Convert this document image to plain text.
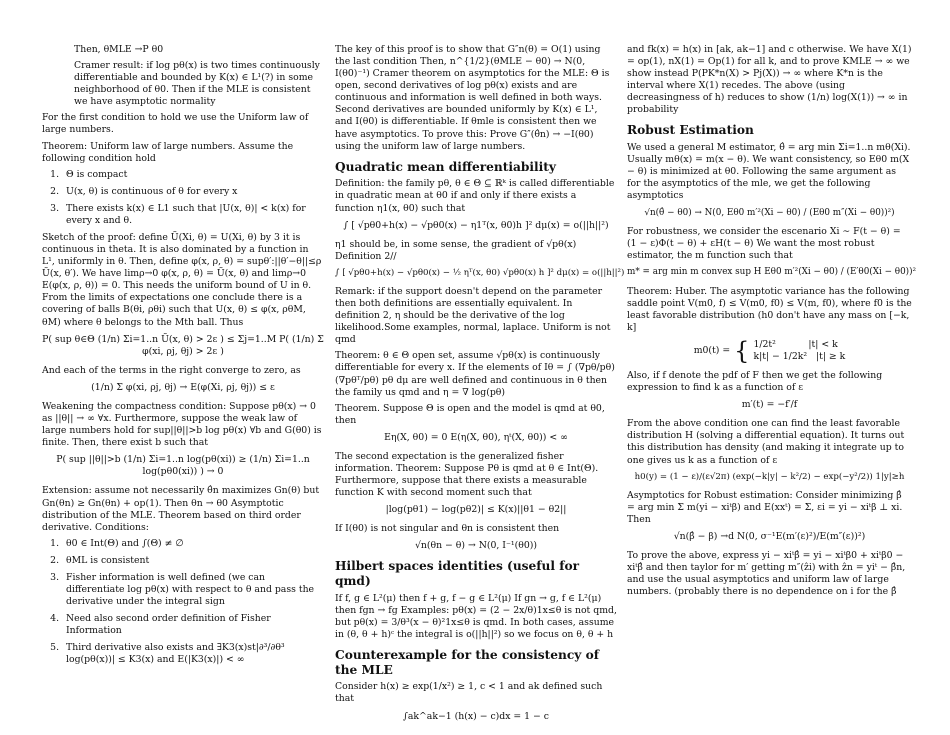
Then, θMLE →P θ0

Cramer result: if log pθ(x) is two times continuously differentiable and bounded by K(x) ∈ L¹(?) in some neighborhood of θ0. Then if the MLE is consistent we have asymptotic normality

For the first condition to hold we use the Uniform law of large numbers.

Theorem: Uniform law of large numbers. Assume the following condition hold

1. Θ is compact
2. U(x, θ) is continuous of θ for every x
3. There exists k(x) ∈ L1 such that |U(x, θ)| < k(x) for every x and θ.

Sketch of the proof: define Ũ(Xi, θ) = U(Xi, θ) by 3 it is continuous in theta. It is also dominated by a function in L¹, uniformly in θ. Then, define φ(x, ρ, θ) = supθ′:||θ′−θ||≤ρ Ũ(x, θ′). We have limρ→0 φ(x, ρ, θ) = Ũ(x, θ) and limρ→0 E(φ(x, ρ, θ)) = 0. This needs the uniform bound of U in θ. From the limits of expectations one conclude there is a covering of balls B(θi, ρθi) such that U(x, θ) ≤ φ(x, ρθM, θM) where θ belongs to the Mth ball. Thus

P( sup θ∈Θ (1/n) Σi=1..n Ũ(x, θ) > 2ε ) ≤ Σj=1..M P( (1/n) Σ φ(xi, ρj, θj) > 2ε )

And each of the terms in the right converge to zero, as

(1/n) Σ φ(xi, ρj, θj) → E(φ(Xi, ρj, θj)) ≤ ε

Weakening the compactness condition: Suppose pθ(x) → 0 as ||θ|| → ∞ ∀x. Furthermore, suppose the weak law of large numbers hold for sup||θ||>b log pθ(x) ∀b and G(θ0) is finite. Then, there exist b such that

P( sup ||θ||>b (1/n) Σi=1..n log(pθ(xi)) ≥ (1/n) Σi=1..n log(pθ0(xi)) ) → 0

Extension: assume not necessarily θ̂n maximizes Gn(θ) but Gn(θn) ≥ Gn(θn) + op(1). Then θn → θ0 Asymptotic distribution of the MLE. Theorem based on third order derivative. Conditions:

1. θ0 ∈ Int(Θ) and ∫(Θ) ≠ ∅
2. θML is consistent
3. Fisher information is well defined (we can differentiate log pθ(x) with respect to θ and pass the derivative under the integral sign
4. Need also second order definition of Fisher Information
5. Third derivative also exists and ∃K3(x)st|∂³/∂θ³ log(pθ(x))| ≤ K3(x) and E(|K3(x)|) < ∞

The key of this proof is to show that G″n(θ) = O(1) using the last condition Then, n^{1/2}(θMLE − θ0) → N(0, I(θ0)⁻¹) Cramer theorem on asymptotics for the MLE: Θ is open, second derivatives of log pθ(x) exists and are continuous and information is well defined in both ways. Second derivatives are bounded uniformly by K(x) ∈ L¹, and I(θ0) is differentiable. If θmle is consistent then we have asymptotics. To prove this: Prove G″(θ̂n) → −I(θ0) using the uniform law of large numbers.

Quadratic mean differentiability

Definition: the family pθ, θ ∈ Θ ⊆ ℝᵏ is called differentiable in quadratic mean at θ0 if and only if there exists a function η1(x, θ0) such that

∫ [ √pθ0+h(x) − √pθ0(x) − η1ᵀ(x, θ0)h ]² dμ(x) = o(||h||²)

η1 should be, in some sense, the gradient of √pθ(x) Definition 2//

∫ [ √pθ0+h(x) − √pθ0(x) − ½ ηᵀ(x, θ0) √pθ0(x) h ]² dμ(x) = o(||h||²)

Remark: if the support doesn't depend on the parameter then both definitions are essentially equivalent. In definition 2, η should be the derivative of the log likelihood.Some examples, normal, laplace. Uniform is not qmd

Theorem: θ ∈ Θ open set, assume √pθ(x) is continuously differentiable for every x. If the elements of Iθ = ∫ (∇pθ/pθ)(∇pθᵀ/pθ) pθ dμ are well defined and continuous in θ then the family us qmd and η = ∇ log(pθ)

Theorem. Suppose Θ is open and the model is qmd at θ0, then

Eη(X, θ0) = 0 E(η(X, θ0), ηᵗ(X, θ0)) < ∞

The second expectation is the generalized fisher information. Theorem: Suppose Pθ is qmd at θ ∈ Int(Θ). Furthermore, suppose that there exists a measurable function K with second moment such that

|log(pθ1) − log(pθ2)| ≤ K(x)||θ1 − θ2||

If I(θ0) is not singular and θn is consistent then

√n(θn − θ) → N(0, I⁻¹(θ0))
Hilbert spaces identities (useful for qmd)

If f, g ∈ L²(μ) then f + g, f − g ∈ L²(μ) If gn → g, f ∈ L²(μ) then fgn → fg Examples: pθ(x) = (2 − 2x/θ)1x≤θ is not qmd, but pθ(x) = 3/θ³(x − θ)²1x≤θ is qmd. In both cases, assume in (θ, θ + h)ᶜ the integral is o(||h||²) so we focus on θ, θ + h

Counterexample for the consistency of the MLE

Consider h(x) ≥ exp(1/x²) ≥ 1, c < 1 and ak defined such that

∫ak^ak−1 (h(x) − c)dx = 1 − c

and fk(x) = h(x) in [ak, ak−1] and c otherwise. We have X(1) = op(1), nX(1) = Op(1) for all k, and to prove KMLE → ∞ we show instead P(PK*n(X) > Pj(X)) → ∞ where K*n is the interval where X(1) recedes. The above (using decreasingness of h) reduces to show (1/n) log(X(1)) → ∞ in probability

Robust Estimation

We used a general M estimator, θ̂ = arg min Σi=1..n mθ(Xi). Usually mθ(x) = m(x − θ). We want consistency, so Eθ0 m(X − θ) is minimized at θ0. Following the same argument as for the asymptotics of the mle, we get the following asymptotics

√n(θ̂ − θ0) → N(0, Eθ0 m′²(Xi − θ0) / (Eθ0 m″(Xi − θ0))²)

For robustness, we consider the escenario Xi ∼ F(t − θ) = (1 − ε)Φ(t − θ) + εH(t − θ) We want the most robust estimator, the m function such that

m* = arg min m convex sup H Eθ0 m′²(Xi − θ0) / (E′θ0(Xi − θ0))²

Theorem: Huber. The asymptotic variance has the following saddle point V(m0, f) ≤ V(m0, f0) ≤ V(m, f0), where f0 is the least favorable distribution (h0 don't have any mass on [−k, k]

m0(t) = { 1/2t²           |t| < k
k|t| − 1/2k²   |t| ≥ k

Also, if f denote the pdf of F then we get the following expression to find k as a function of ε

m′(t) = −f′/f

From the above condition one can find the least favorable distribution H (solving a differential equation). It turns out this distribution has density (and making it integrate up to one gives us k as a function of ε

h0(y) = (1 − ε)/(ε√2π) (exp(−k|y| − k²/2) − exp(−y²/2)) 1|y|≥h

Asymptotics for Robust estimation: Consider minimizing β̂ = arg min Σ m(yi − xiᵗβ) and E(xxᵗ) = Σ, εi = yi − xiᵗβ ⊥ xi. Then

√n(β̂ − β) →d N(0, σ⁻¹E(m′(ε)²)/E(m″(ε))²)

To prove the above, express yi − xiᵗβ̂ = yi − xiᵗβ0 + xiᵗβ0 − xiᵗβ̂ and then taylor for m′ getting m″(ẑi) with ẑn = yiᵗ − β̂n, and use the usual asymptotics and uniform law of large numbers. (probably there is no dependence on i for the β̂
